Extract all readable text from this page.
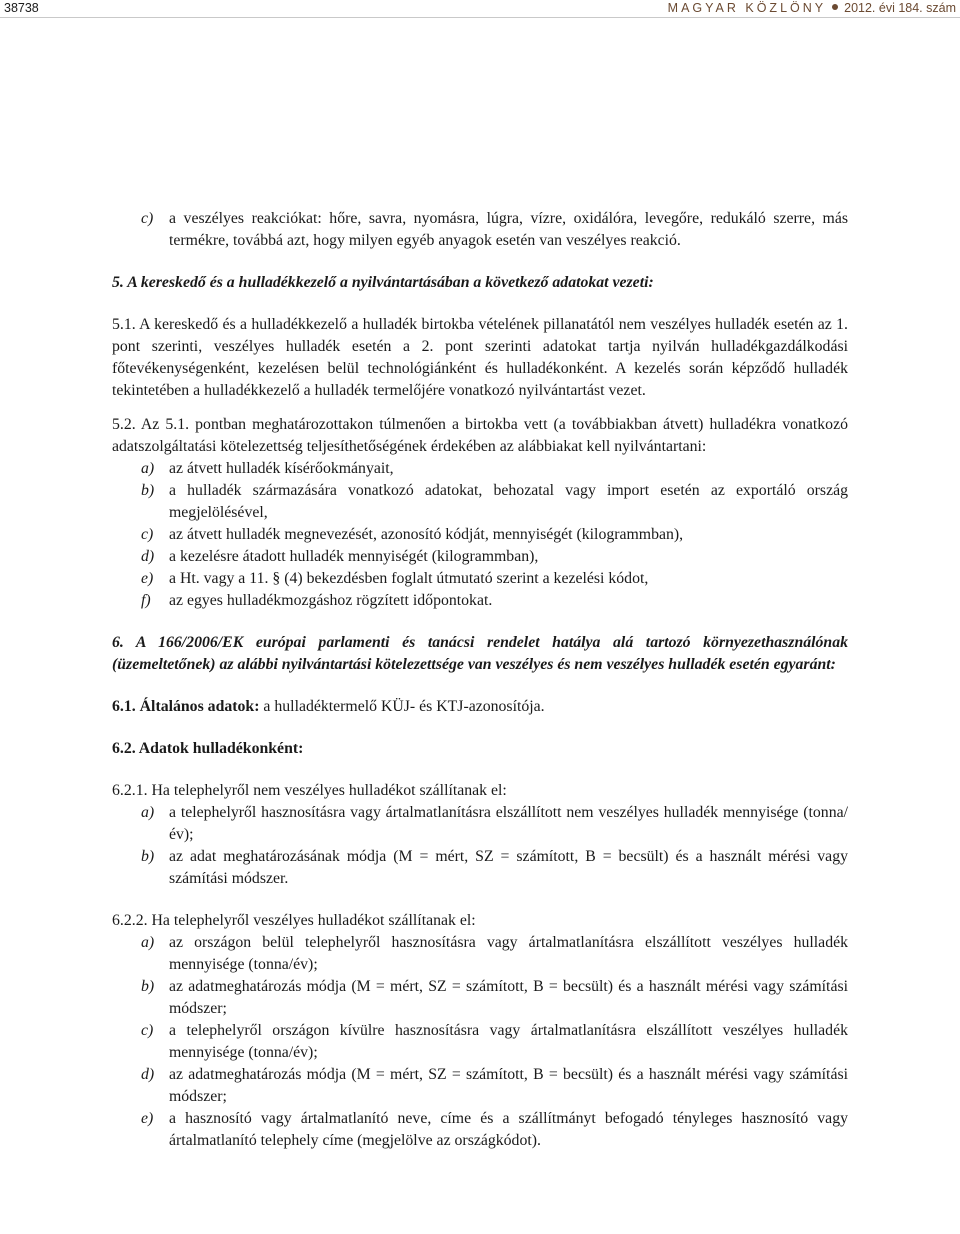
38738	MAGYAR KÖZLÖNY 2012. évi 184. szám

c) a veszélyes reakciókat: hőre, savra, nyomásra, lúgra, vízre, oxidálóra, levegőre, redukáló szerre, más termékre, továbbá azt, hogy milyen egyéb anyagok esetén van veszélyes reakció.

5. A kereskedő és a hulladékkezelő a nyilvántartásában a következő adatokat vezeti:

5.1. A kereskedő és a hulladékkezelő a hulladék birtokba vételének pillanatától nem veszélyes hulladék esetén az 1. pont szerinti, veszélyes hulladék esetén a 2. pont szerinti adatokat tartja nyilván hulladékgazdálkodási főtevékenységenként, kezelésen belül technológiánként és hulladékonként. A kezelés során képződő hulladék tekintetében a hulladékkezelő a hulladék termelőjére vonatkozó nyilvántartást vezet.

5.2. Az 5.1. pontban meghatározottakon túlmenően a birtokba vett (a továbbiakban átvett) hulladékra vonatkozó adatszolgáltatási kötelezettség teljesíthetőségének érdekében az alábbiakat kell nyilvántartani:

a) az átvett hulladék kísérőokmányait,

b) a hulladék származására vonatkozó adatokat, behozatal vagy import esetén az exportáló ország megjelölésével,

c) az átvett hulladék megnevezését, azonosító kódját, mennyiségét (kilogrammban),

d) a kezelésre átadott hulladék mennyiségét (kilogrammban),

e) a Ht. vagy a 11. § (4) bekezdésben foglalt útmutató szerint a kezelési kódot,

f) az egyes hulladékmozgáshoz rögzített időpontokat.

6. A 166/2006/EK európai parlamenti és tanácsi rendelet hatálya alá tartozó környezethasználónak (üzemeltetőnek) az alábbi nyilvántartási kötelezettsége van veszélyes és nem veszélyes hulladék esetén egyaránt:

6.1. Általános adatok: a hulladéktermelő KÜJ- és KTJ-azonosítója.

6.2. Adatok hulladékonként:

6.2.1. Ha telephelyről nem veszélyes hulladékot szállítanak el:

a) a telephelyről hasznosításra vagy ártalmatlanításra elszállított nem veszélyes hulladék mennyisége (tonna/év);

b) az adat meghatározásának módja (M = mért, SZ = számított, B = becsült) és a használt mérési vagy számítási módszer.

6.2.2. Ha telephelyről veszélyes hulladékot szállítanak el:

a) az országon belül telephelyről hasznosításra vagy ártalmatlanításra elszállított veszélyes hulladék mennyisége (tonna/év);

b) az adatmeghatározás módja (M = mért, SZ = számított, B = becsült) és a használt mérési vagy számítási módszer;

c) a telephelyről országon kívülre hasznosításra vagy ártalmatlanításra elszállított veszélyes hulladék mennyisége (tonna/év);

d) az adatmeghatározás módja (M = mért, SZ = számított, B = becsült) és a használt mérési vagy számítási módszer;

e) a hasznosító vagy ártalmatlanító neve, címe és a szállítmányt befogadó tényleges hasznosító vagy ártalmatlanító telephely címe (megjelölve az országkódot).
